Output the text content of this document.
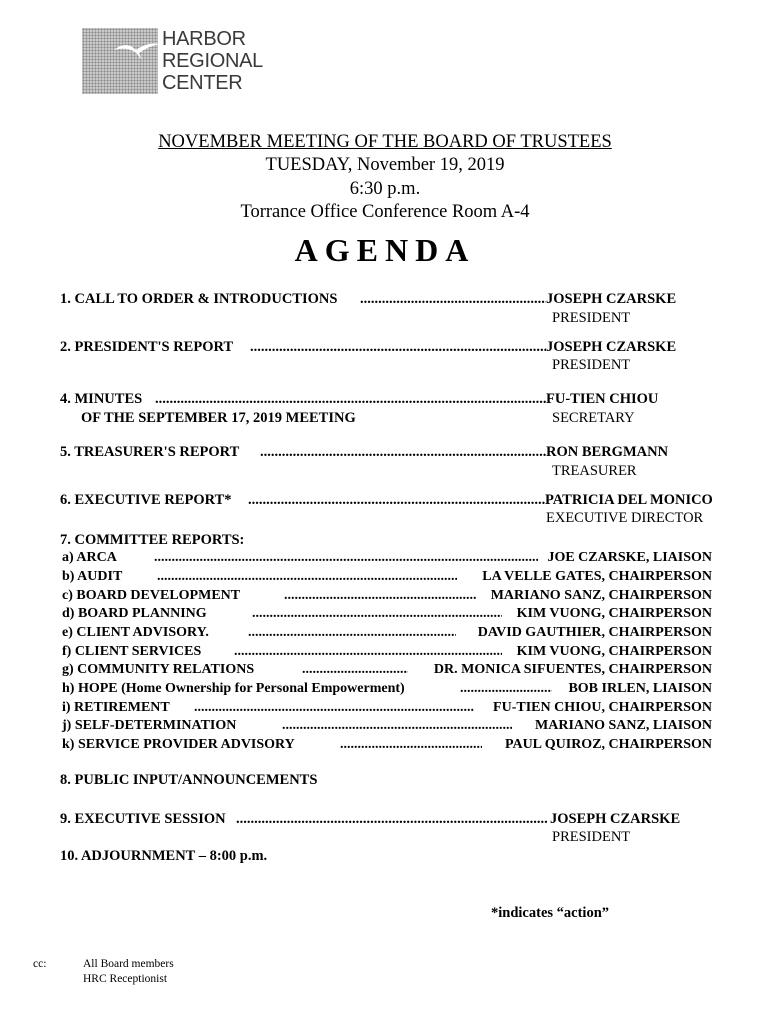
HARBOR
REGIONAL
CENTER
NOVEMBER MEETING OF THE BOARD OF TRUSTEES
TUESDAY, November 19, 2019
6:30 p.m.
Torrance Office Conference Room A-4
AGENDA
1. CALL TO ORDER & INTRODUCTIONS .....	JOSEPH CZARSKE
PRESIDENT
2. PRESIDENT'S REPORT .....	JOSEPH CZARSKE
PRESIDENT
4. MINUTES .....	FU-TIEN CHIOU
OF THE SEPTEMBER 17, 2019 MEETING	SECRETARY
5. TREASURER'S REPORT .....	RON BERGMANN
TREASURER
6. EXECUTIVE REPORT* .....	PATRICIA DEL MONICO
EXECUTIVE DIRECTOR
7. COMMITTEE REPORTS:
a) ARCA .....	JOE CZARSKE, LIAISON
b) AUDIT .....	LA VELLE GATES, CHAIRPERSON
c) BOARD DEVELOPMENT .....	MARIANO SANZ, CHAIRPERSON
d) BOARD PLANNING .....	KIM VUONG, CHAIRPERSON
e) CLIENT ADVISORY. .....	DAVID GAUTHIER, CHAIRPERSON
f) CLIENT SERVICES .....	KIM VUONG, CHAIRPERSON
g) COMMUNITY RELATIONS .....	DR. MONICA SIFUENTES, CHAIRPERSON
h) HOPE (Home Ownership for Personal Empowerment) .....	BOB IRLEN, LIAISON
i) RETIREMENT .....	FU-TIEN CHIOU, CHAIRPERSON
j) SELF-DETERMINATION .....	MARIANO SANZ, LIAISON
k) SERVICE PROVIDER ADVISORY .....	PAUL QUIROZ, CHAIRPERSON
8. PUBLIC INPUT/ANNOUNCEMENTS
9. EXECUTIVE SESSION .....	JOSEPH CZARSKE
PRESIDENT
10. ADJOURNMENT – 8:00 p.m.
*indicates “action”
cc:	All Board members
HRC Receptionist
